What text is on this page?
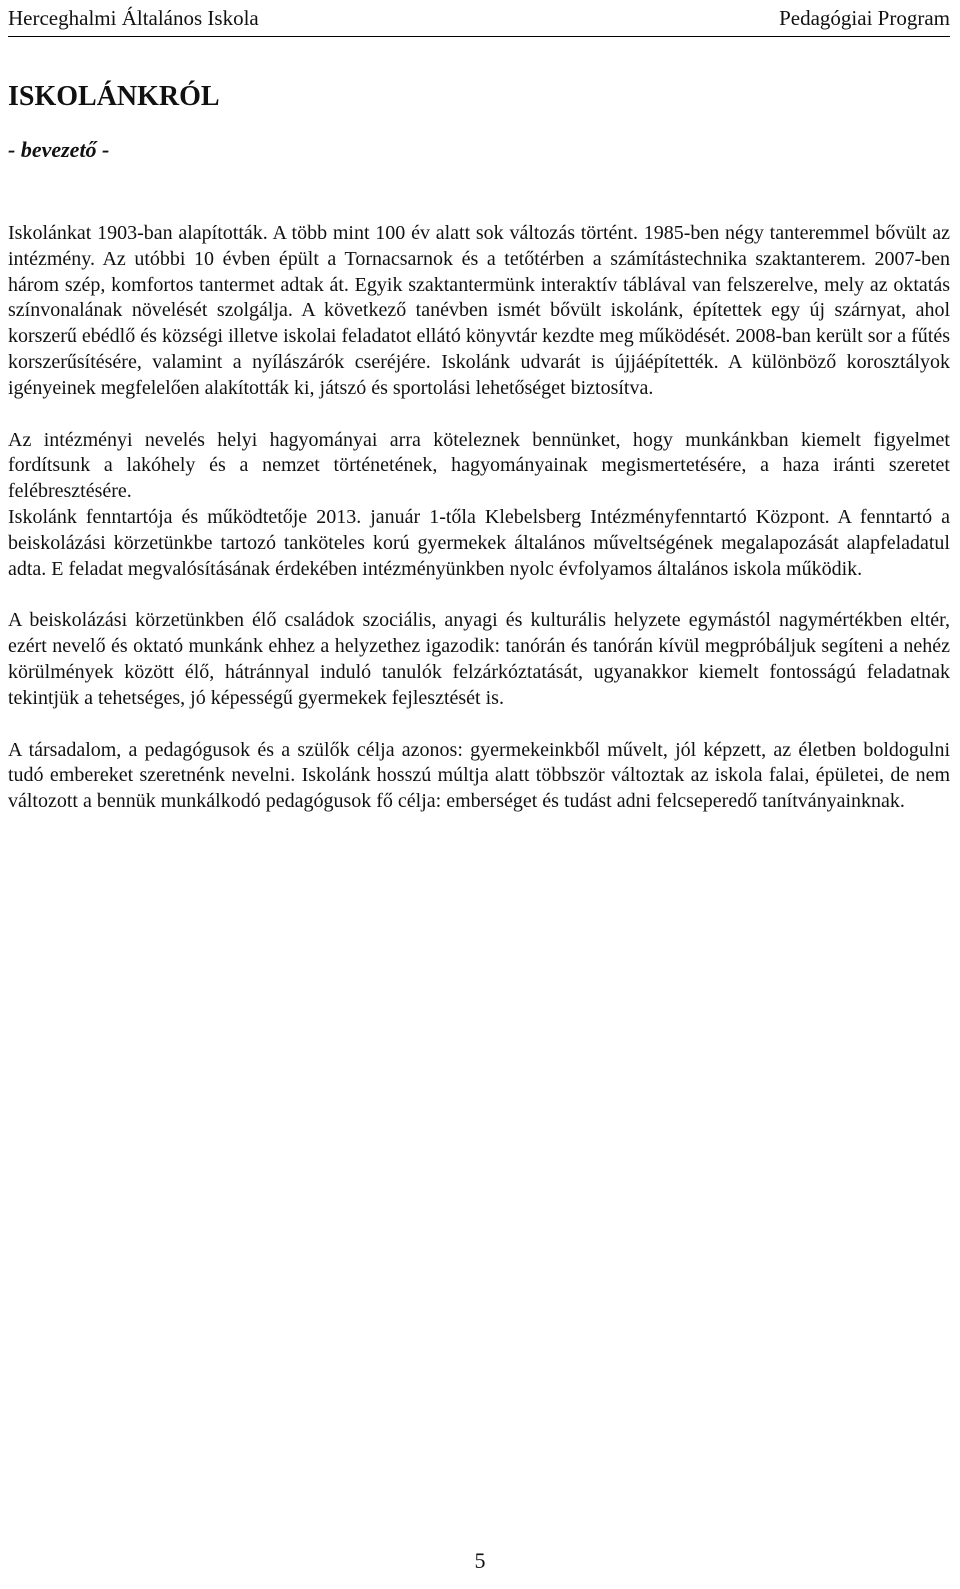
Herceghalmi Általános Iskola	Pedagógiai Program
ISKOLÁNKRÓL
- bevezető -

Iskolánkat 1903-ban alapították. A több mint 100 év alatt sok változás történt. 1985-ben négy tanteremmel bővült az intézmény. Az utóbbi 10 évben épült a Tornacsarnok és a tetőtérben a számítástechnika szaktanterem. 2007-ben három szép, komfortos tantermet adtak át. Egyik szaktantermünk interaktív táblával van felszerelve, mely az oktatás színvonalának növelését szolgálja. A következő tanévben ismét bővült iskolánk, építettek egy új szárnyat, ahol korszerű ebédlő és községi illetve iskolai feladatot ellátó könyvtár kezdte meg működését. 2008-ban került sor a fűtés korszerűsítésére, valamint a nyílászárók cseréjére. Iskolánk udvarát is újjáépítették. A különböző korosztályok igényeinek megfelelően alakították ki, játszó és sportolási lehetőséget biztosítva.

Az intézményi nevelés helyi hagyományai arra köteleznek bennünket, hogy munkánkban kiemelt figyelmet fordítsunk a lakóhely és a nemzet történetének, hagyományainak megismertetésére, a haza iránti szeretet felébresztésére.

Iskolánk fenntartója és működtetője 2013. január 1-tőla Klebelsberg Intézményfenntartó Központ. A fenntartó a beiskolázási körzetünkbe tartozó tanköteles korú gyermekek általános műveltségének megalapozását alapfeladatul adta. E feladat megvalósításának érdekében intézményünkben nyolc évfolyamos általános iskola működik.

A beiskolázási körzetünkben élő családok szociális, anyagi és kulturális helyzete egymástól nagymértékben eltér, ezért nevelő és oktató munkánk ehhez a helyzethez igazodik: tanórán és tanórán kívül megpróbáljuk segíteni a nehéz körülmények között élő, hátránnyal induló tanulók felzárkóztatását, ugyanakkor kiemelt fontosságú feladatnak tekintjük a tehetséges, jó képességű gyermekek fejlesztését is.

A társadalom, a pedagógusok és a szülők célja azonos: gyermekeinkből művelt, jól képzett, az életben boldogulni tudó embereket szeretnénk nevelni. Iskolánk hosszú múltja alatt többször változtak az iskola falai, épületei, de nem változott a bennük munkálkodó pedagógusok fő célja: emberséget és tudást adni felcseperedő tanítványainknak.

5
